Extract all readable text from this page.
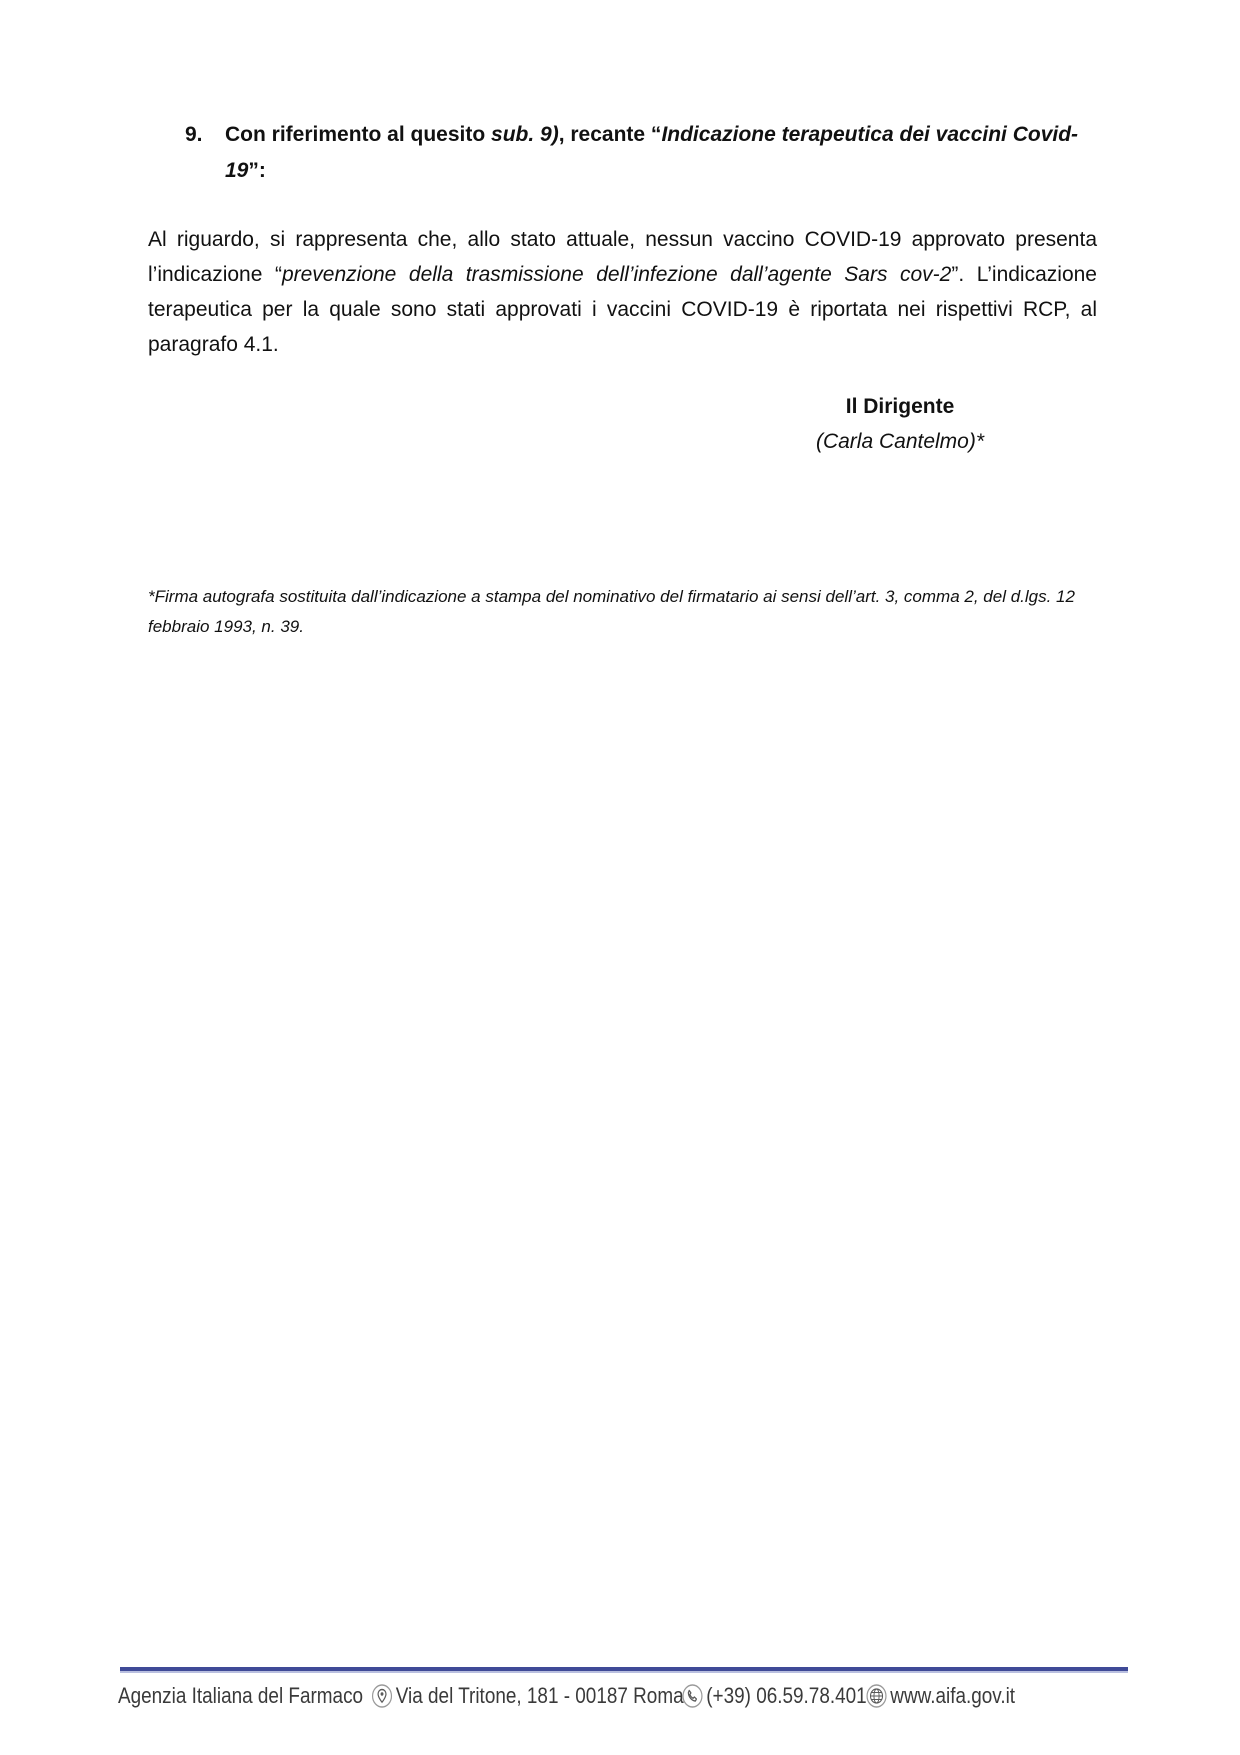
9.	Con riferimento al quesito sub. 9), recante “Indicazione terapeutica dei vaccini Covid-19”:
Al riguardo, si rappresenta che, allo stato attuale, nessun vaccino COVID-19 approvato presenta l’indicazione “prevenzione della trasmissione dell’infezione dall’agente Sars cov-2”. L’indicazione terapeutica per la quale sono stati approvati i vaccini COVID-19 è riportata nei rispettivi RCP, al paragrafo 4.1.
Il Dirigente
(Carla Cantelmo)*
*Firma autografa sostituita dall’indicazione a stampa del nominativo del firmatario ai sensi dell’art. 3, comma 2, del d.lgs. 12 febbraio 1993, n. 39.
Agenzia Italiana del Farmaco Via del Tritone, 181 - 00187 Roma (+39) 06.59.78.401 www.aifa.gov.it
